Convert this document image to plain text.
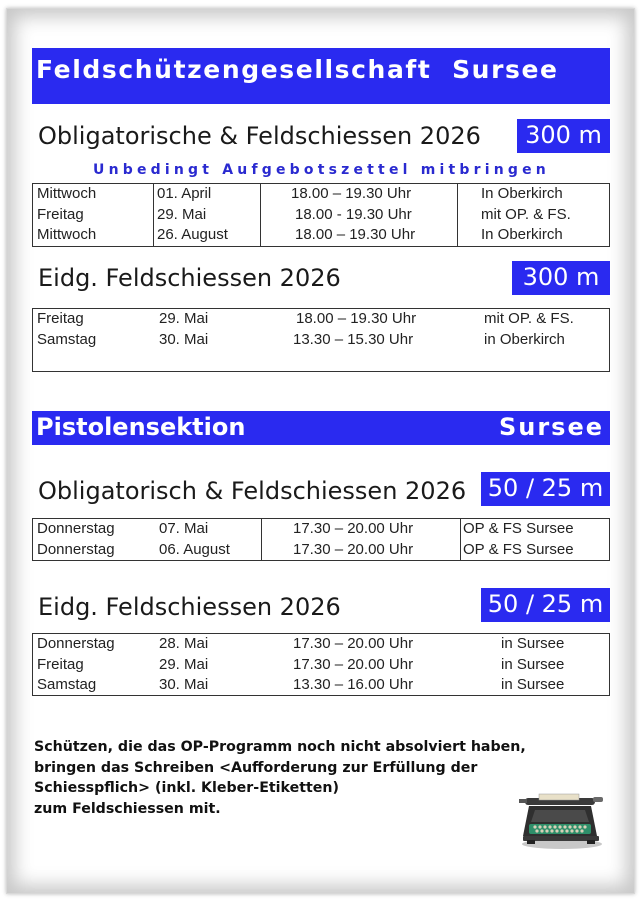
Feldschützengesellschaft  Sursee
Obligatorische & Feldschiessen 2026	300 m
Unbedingt Aufgebotszettel mitbringen
Mittwoch	01. April	18.00 – 19.30 Uhr	In Oberkirch
Freitag	29. Mai	18.00 - 19.30 Uhr	mit OP. & FS.
Mittwoch	26. August	18.00 – 19.30 Uhr	In Oberkirch
Eidg. Feldschiessen 2026	300 m
Freitag	29. Mai	18.00 – 19.30 Uhr	mit OP. & FS.
Samstag	30. Mai	13.30 – 15.30 Uhr	in Oberkirch
Pistolensektion	Sursee
Obligatorisch & Feldschiessen 2026 50 / 25 m
Donnerstag	07. Mai	17.30 – 20.00 Uhr	OP & FS Sursee
Donnerstag	06. August	17.30 – 20.00 Uhr	OP & FS Sursee
Eidg. Feldschiessen 2026	50 / 25 m
Donnerstag	28. Mai	17.30 – 20.00 Uhr	in Sursee
Freitag	29. Mai	17.30 – 20.00 Uhr	in Sursee
Samstag	30. Mai	13.30 – 16.00 Uhr	in Sursee
Schützen, die das OP-Programm noch nicht absolviert haben,
bringen das Schreiben <Aufforderung zur Erfüllung der
Schiesspflich> (inkl. Kleber-Etiketten)
zum Feldschiessen mit.
